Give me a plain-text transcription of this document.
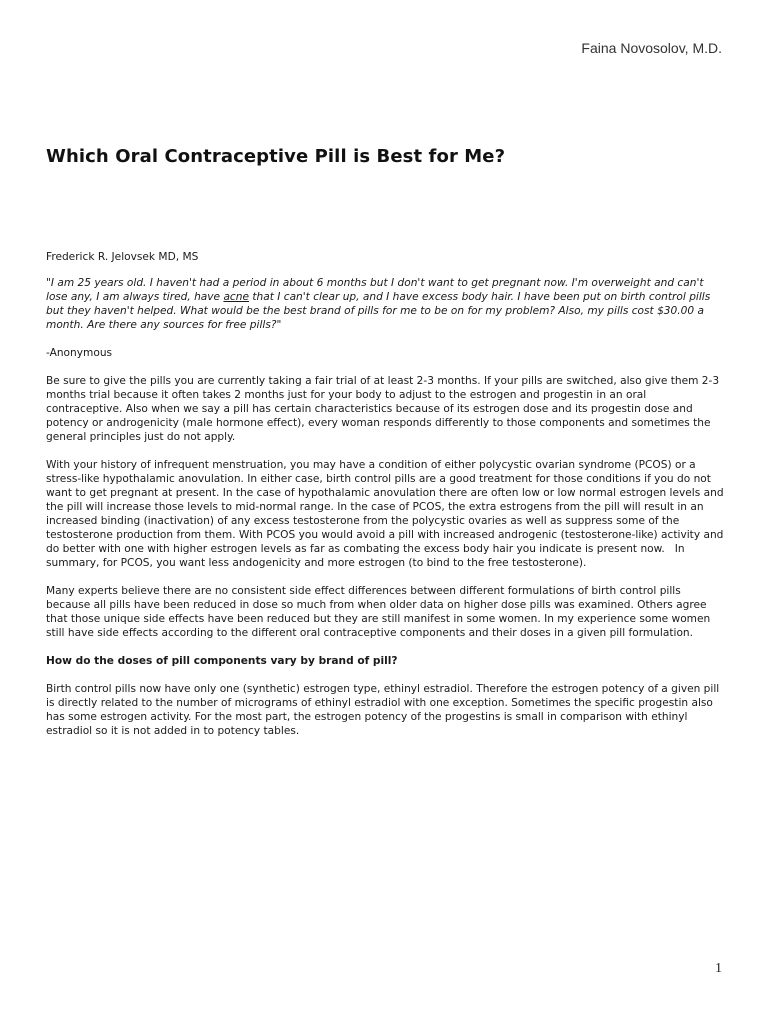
Faina Novosolov, M.D.
Which Oral Contraceptive Pill is Best for Me?

Frederick R. Jelovsek MD, MS

"I am 25 years old. I haven't had a period in about 6 months but I don't want to get pregnant now. I'm overweight and can't lose any, I am always tired, have acne that I can't clear up, and I have excess body hair. I have been put on birth control pills but they haven't helped. What would be the best brand of pills for me to be on for my problem? Also, my pills cost $30.00 a month. Are there any sources for free pills?"

-Anonymous

Be sure to give the pills you are currently taking a fair trial of at least 2-3 months. If your pills are switched, also give them 2-3 months trial because it often takes 2 months just for your body to adjust to the estrogen and progestin in an oral contraceptive. Also when we say a pill has certain characteristics because of its estrogen dose and its progestin dose and potency or androgenicity (male hormone effect), every woman responds differently to those components and sometimes the general principles just do not apply.

With your history of infrequent menstruation, you may have a condition of either polycystic ovarian syndrome (PCOS) or a stress-like hypothalamic anovulation. In either case, birth control pills are a good treatment for those conditions if you do not want to get pregnant at present. In the case of hypothalamic anovulation there are often low or low normal estrogen levels and the pill will increase those levels to mid-normal range. In the case of PCOS, the extra estrogens from the pill will result in an increased binding (inactivation) of any excess testosterone from the polycystic ovaries as well as suppress some of the testosterone production from them. With PCOS you would avoid a pill with increased androgenic (testosterone-like) activity and do better with one with higher estrogen levels as far as combating the excess body hair you indicate is present now.   In summary, for PCOS, you want less andogenicity and more estrogen (to bind to the free testosterone).

Many experts believe there are no consistent side effect differences between different formulations of birth control pills because all pills have been reduced in dose so much from when older data on higher dose pills was examined. Others agree that those unique side effects have been reduced but they are still manifest in some women. In my experience some women still have side effects according to the different oral contraceptive components and their doses in a given pill formulation.

How do the doses of pill components vary by brand of pill?

Birth control pills now have only one (synthetic) estrogen type, ethinyl estradiol. Therefore the estrogen potency of a given pill is directly related to the number of micrograms of ethinyl estradiol with one exception. Sometimes the specific progestin also has some estrogen activity. For the most part, the estrogen potency of the progestins is small in comparison with ethinyl estradiol so it is not added in to potency tables.

1
